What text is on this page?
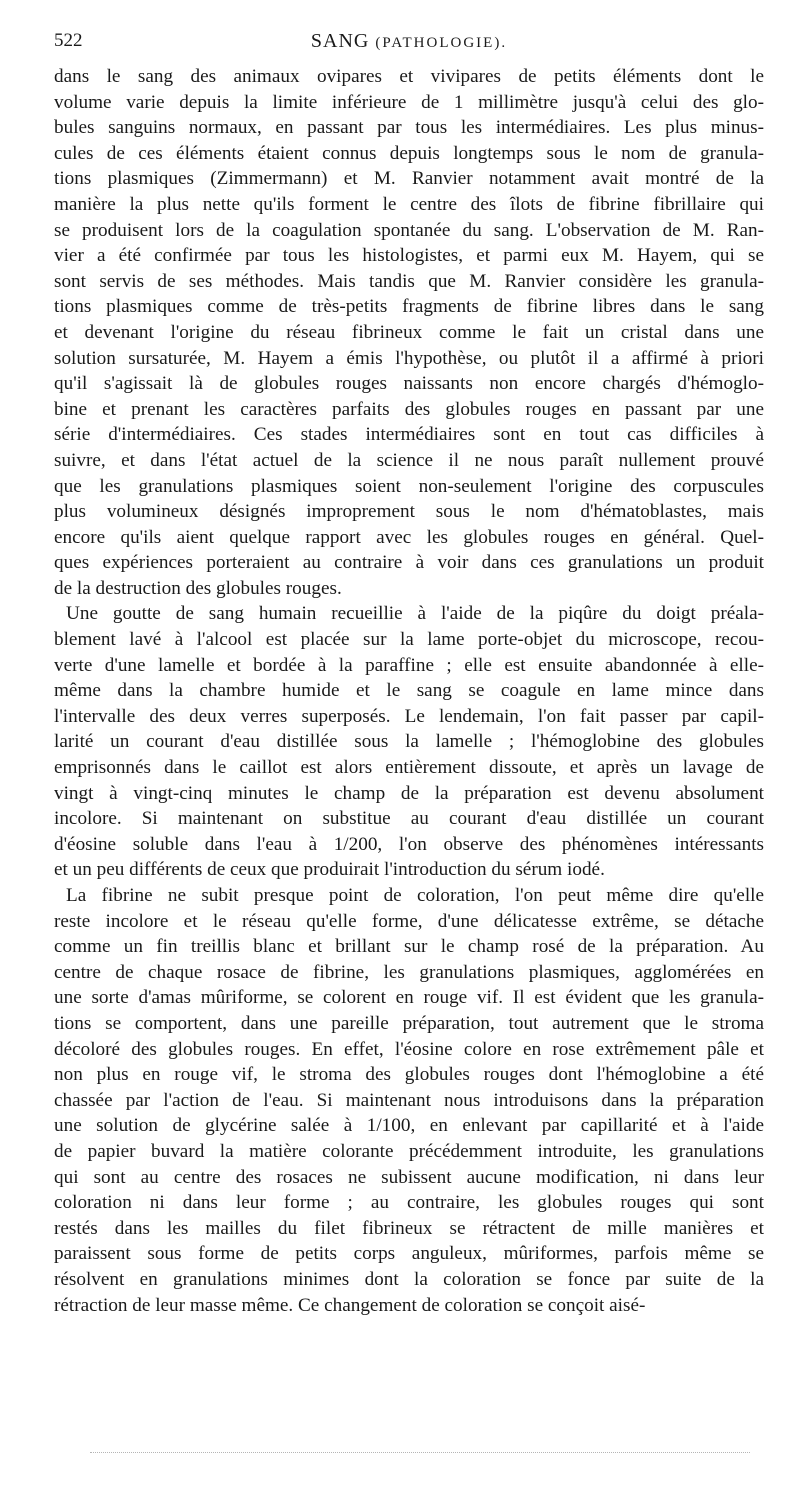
522	SANG (PATHOLOGIE).
dans le sang des animaux ovipares et vivipares de petits éléments dont le
volume varie depuis la limite inférieure de 1 millimètre jusqu'à celui des glo-
bules sanguins normaux, en passant par tous les intermédiaires. Les plus minus-
cules de ces éléments étaient connus depuis longtemps sous le nom de granula-
tions plasmiques (Zimmermann) et M. Ranvier notamment avait montré de la
manière la plus nette qu'ils forment le centre des îlots de fibrine fibrillaire qui
se produisent lors de la coagulation spontanée du sang. L'observation de M. Ran-
vier a été confirmée par tous les histologistes, et parmi eux M. Hayem, qui se
sont servis de ses méthodes. Mais tandis que M. Ranvier considère les granula-
tions plasmiques comme de très-petits fragments de fibrine libres dans le sang
et devenant l'origine du réseau fibrineux comme le fait un cristal dans une
solution sursaturée, M. Hayem a émis l'hypothèse, ou plutôt il a affirmé à priori
qu'il s'agissait là de globules rouges naissants non encore chargés d'hémoglo-
bine et prenant les caractères parfaits des globules rouges en passant par une
série d'intermédiaires. Ces stades intermédiaires sont en tout cas difficiles à
suivre, et dans l'état actuel de la science il ne nous paraît nullement prouvé
que les granulations plasmiques soient non-seulement l'origine des corpuscules
plus volumineux désignés improprement sous le nom d'hématoblastes, mais
encore qu'ils aient quelque rapport avec les globules rouges en général. Quel-
ques expériences porteraient au contraire à voir dans ces granulations un produit
de la destruction des globules rouges.
Une goutte de sang humain recueillie à l'aide de la piqûre du doigt préala-
blement lavé à l'alcool est placée sur la lame porte-objet du microscope, recou-
verte d'une lamelle et bordée à la paraffine ; elle est ensuite abandonnée à elle-
même dans la chambre humide et le sang se coagule en lame mince dans
l'intervalle des deux verres superposés. Le lendemain, l'on fait passer par capil-
larité un courant d'eau distillée sous la lamelle ; l'hémoglobine des globules
emprisonnés dans le caillot est alors entièrement dissoute, et après un lavage de
vingt à vingt-cinq minutes le champ de la préparation est devenu absolument
incolore. Si maintenant on substitue au courant d'eau distillée un courant
d'éosine soluble dans l'eau à 1/200, l'on observe des phénomènes intéressants
et un peu différents de ceux que produirait l'introduction du sérum iodé.
La fibrine ne subit presque point de coloration, l'on peut même dire qu'elle
reste incolore et le réseau qu'elle forme, d'une délicatesse extrême, se détache
comme un fin treillis blanc et brillant sur le champ rosé de la préparation. Au
centre de chaque rosace de fibrine, les granulations plasmiques, agglomérées en
une sorte d'amas mûriforme, se colorent en rouge vif. Il est évident que les granula-
tions se comportent, dans une pareille préparation, tout autrement que le stroma
décoloré des globules rouges. En effet, l'éosine colore en rose extrêmement pâle et
non plus en rouge vif, le stroma des globules rouges dont l'hémoglobine a été
chassée par l'action de l'eau. Si maintenant nous introduisons dans la préparation
une solution de glycérine salée à 1/100, en enlevant par capillarité et à l'aide
de papier buvard la matière colorante précédemment introduite, les granulations
qui sont au centre des rosaces ne subissent aucune modification, ni dans leur
coloration ni dans leur forme ; au contraire, les globules rouges qui sont
restés dans les mailles du filet fibrineux se rétractent de mille manières et
paraissent sous forme de petits corps anguleux, mûriformes, parfois même se
résolvent en granulations minimes dont la coloration se fonce par suite de la
rétraction de leur masse même. Ce changement de coloration se conçoit aisé-
